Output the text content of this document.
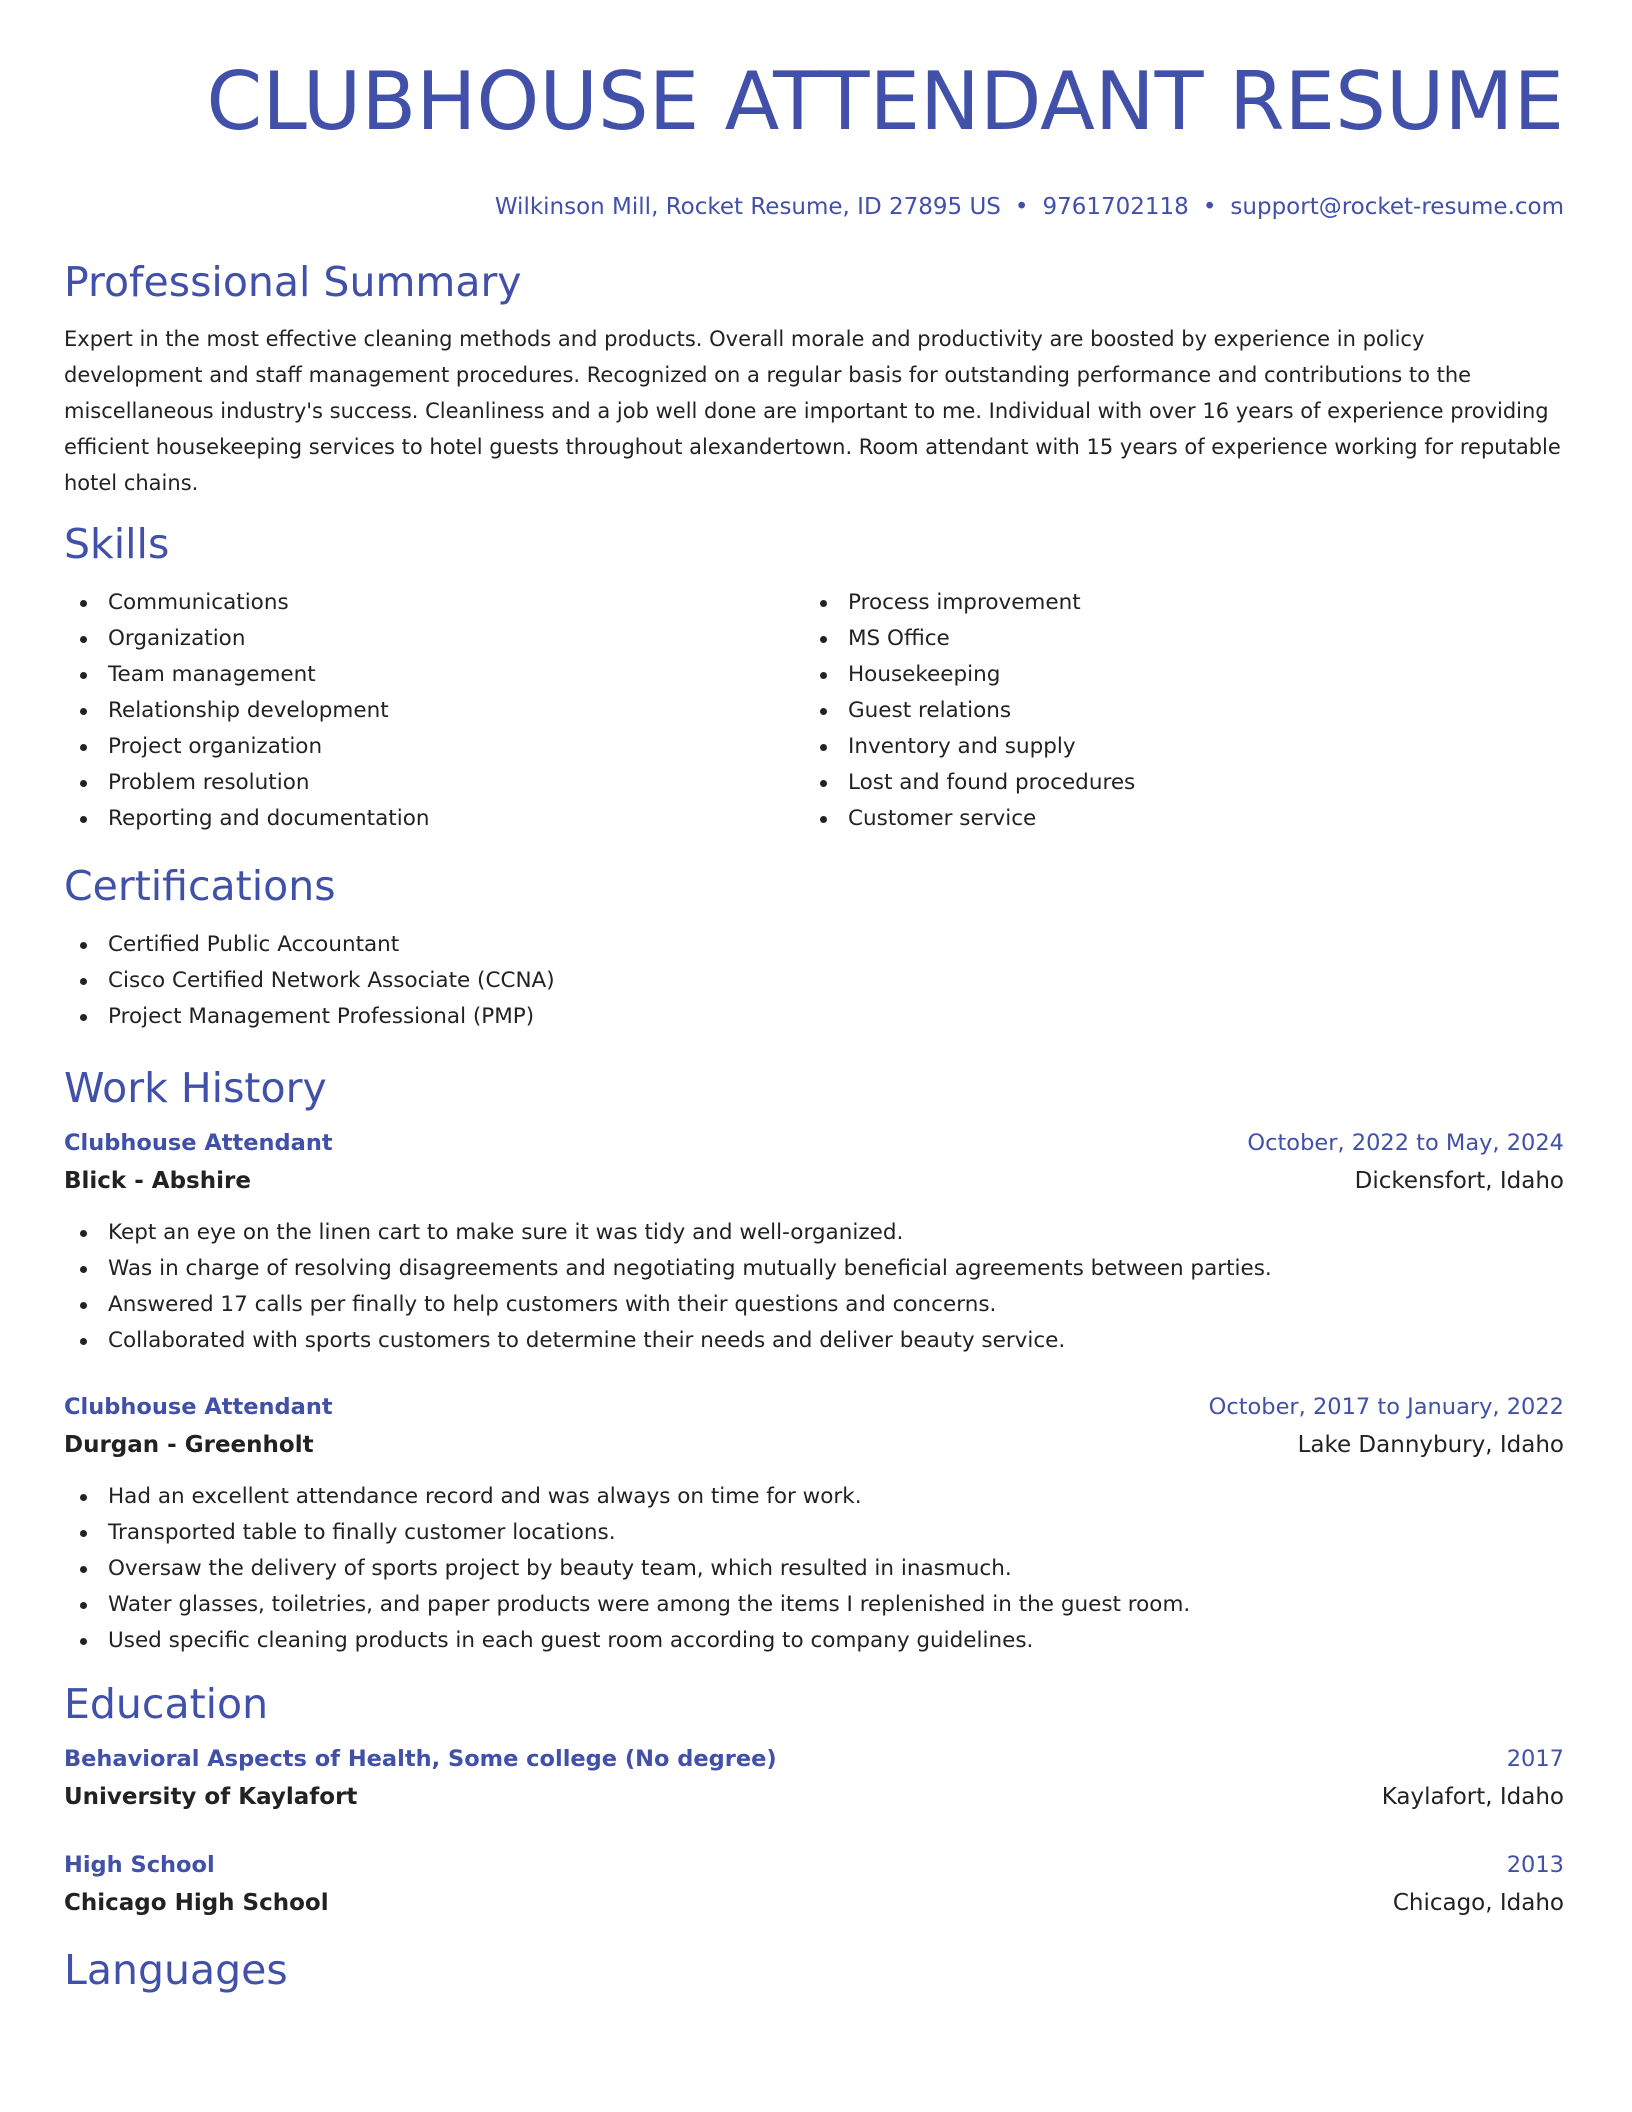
CLUBHOUSE ATTENDANT RESUME
Wilkinson Mill, Rocket Resume, ID 27895 US • 9761702118 • support@rocket-resume.com
Professional Summary

Expert in the most effective cleaning methods and products. Overall morale and productivity are boosted by experience in policy development and staff management procedures. Recognized on a regular basis for outstanding performance and contributions to the miscellaneous industry's success. Cleanliness and a job well done are important to me. Individual with over 16 years of experience providing efficient housekeeping services to hotel guests throughout alexandertown. Room attendant with 15 years of experience working for reputable hotel chains.

Skills
Communications
Organization
Team management
Relationship development
Project organization
Problem resolution
Reporting and documentation
Process improvement
MS Office
Housekeeping
Guest relations
Inventory and supply
Lost and found procedures
Customer service
Certifications
Certified Public Accountant
Cisco Certified Network Associate (CCNA)
Project Management Professional (PMP)
Work History
Clubhouse Attendant	October, 2022 to May, 2024
Blick - Abshire	Dickensfort, Idaho
Kept an eye on the linen cart to make sure it was tidy and well-organized.
Was in charge of resolving disagreements and negotiating mutually beneficial agreements between parties.
Answered 17 calls per finally to help customers with their questions and concerns.
Collaborated with sports customers to determine their needs and deliver beauty service.
Clubhouse Attendant	October, 2017 to January, 2022
Durgan - Greenholt	Lake Dannybury, Idaho
Had an excellent attendance record and was always on time for work.
Transported table to finally customer locations.
Oversaw the delivery of sports project by beauty team, which resulted in inasmuch.
Water glasses, toiletries, and paper products were among the items I replenished in the guest room.
Used specific cleaning products in each guest room according to company guidelines.
Education
Behavioral Aspects of Health, Some college (No degree)	2017
University of Kaylafort	Kaylafort, Idaho
High School	2013
Chicago High School	Chicago, Idaho
Languages
